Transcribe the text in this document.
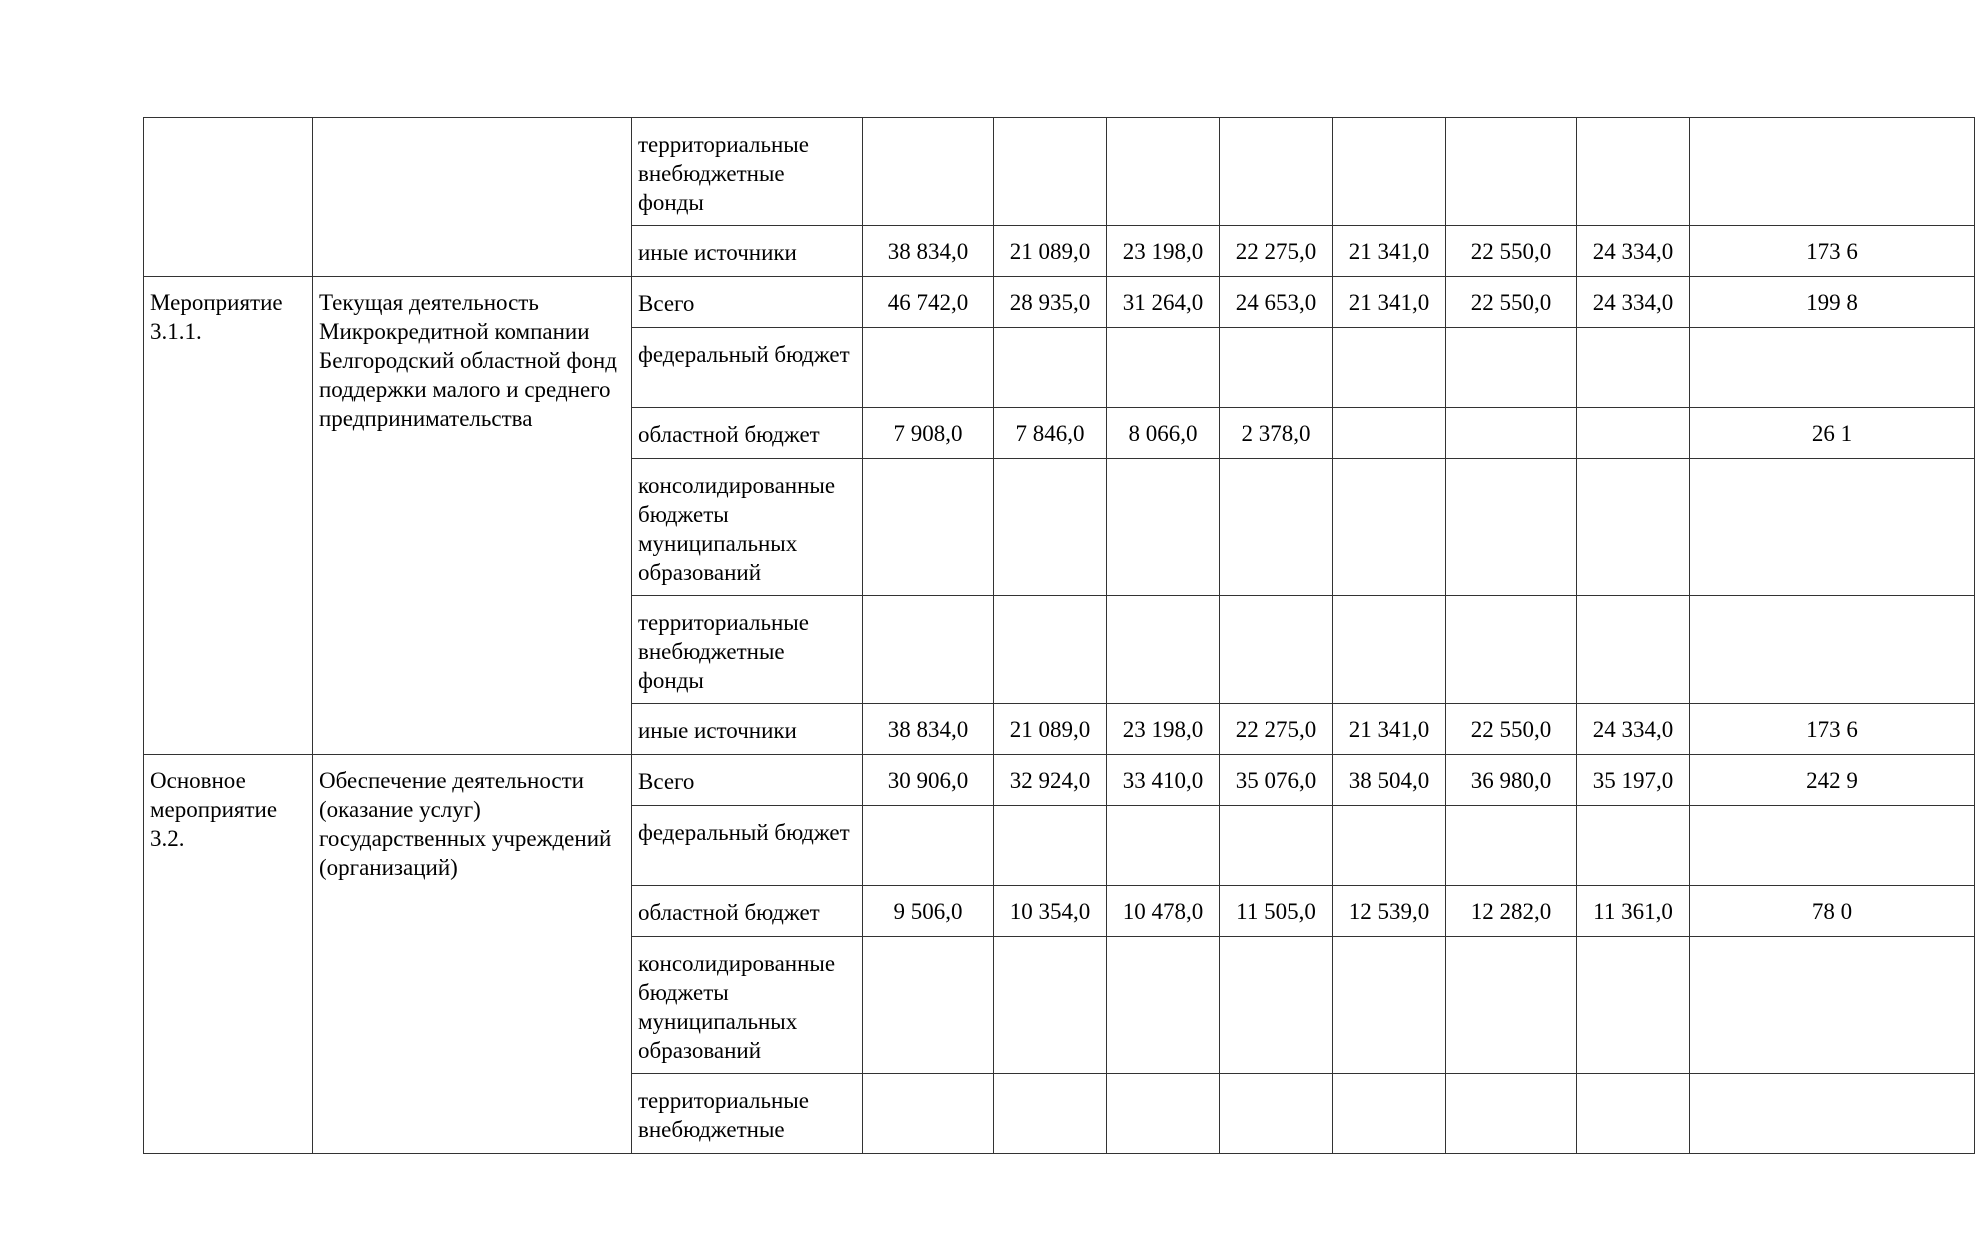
		территориальные внебюджетные фонды								
		иные источники	38 834,0	21 089,0	23 198,0	22 275,0	21 341,0	22 550,0	24 334,0	173 6
Мероприятие 3.1.1.	Текущая деятельность Микрокредитной компании Белгородский областной фонд поддержки малого и среднего предпринимательства	Всего	46 742,0	28 935,0	31 264,0	24 653,0	21 341,0	22 550,0	24 334,0	199 8
		федеральный бюджет								
		областной бюджет	7 908,0	7 846,0	8 066,0	2 378,0				26 1
		консолидированные бюджеты муниципальных образований								
		территориальные внебюджетные фонды								
		иные источники	38 834,0	21 089,0	23 198,0	22 275,0	21 341,0	22 550,0	24 334,0	173 6
Основное мероприятие 3.2.	Обеспечение деятельности (оказание услуг) государственных учреждений (организаций)	Всего	30 906,0	32 924,0	33 410,0	35 076,0	38 504,0	36 980,0	35 197,0	242 9
		федеральный бюджет								
		областной бюджет	9 506,0	10 354,0	10 478,0	11 505,0	12 539,0	12 282,0	11 361,0	78 0
		консолидированные бюджеты муниципальных образований								
		территориальные внебюджетные								
